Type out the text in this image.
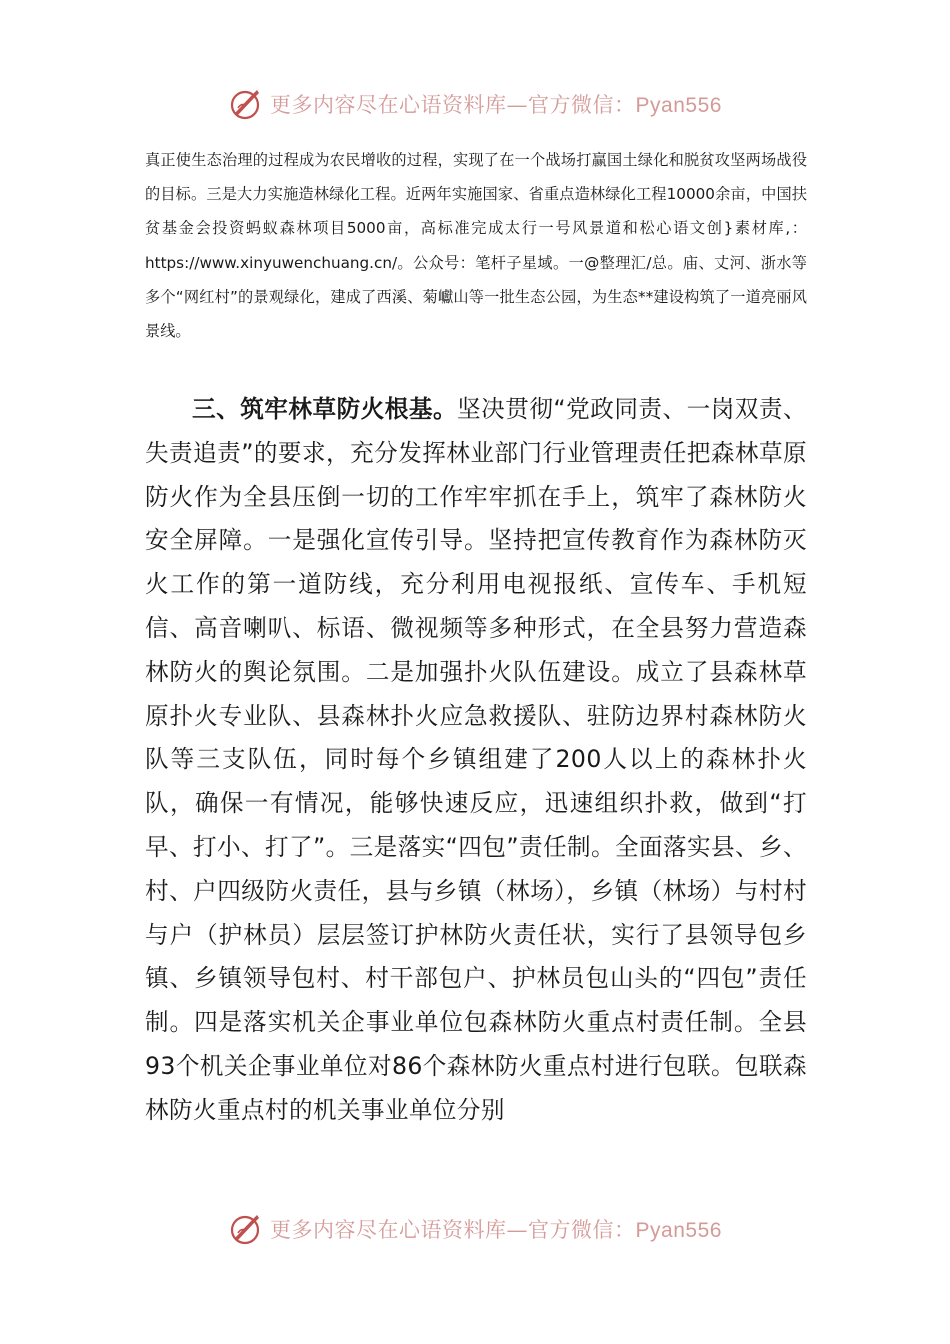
更多内容尽在心语资料库—官方微信：Pyan556

真正使生态治理的过程成为农民增收的过程，实现了在一个战场打赢国土绿化和脱贫攻坚两场战役的目标。三是大力实施造林绿化工程。近两年实施国家、省重点造林绿化工程10000余亩，中国扶贫基金会投资蚂蚁森林项目5000亩，高标准完成太行一号风景道和松心语文创}素材库,：https://www.xinyuwenchuang.cn/。公众号：笔杆子星域。一@整理汇/总。庙、丈河、浙水等多个“网红村”的景观绿化，建成了西溪、菊巘山等一批生态公园，为生态**建设构筑了一道亮丽风景线。

三、筑牢林草防火根基。坚决贯彻“党政同责、一岗双责、失责追责”的要求，充分发挥林业部门行业管理责任把森林草原防火作为全县压倒一切的工作牢牢抓在手上，筑牢了森林防火安全屏障。一是强化宣传引导。坚持把宣传教育作为森林防灭火工作的第一道防线，充分利用电视报纸、宣传车、手机短信、高音喇叭、标语、微视频等多种形式，在全县努力营造森林防火的舆论氛围。二是加强扑火队伍建设。成立了县森林草原扑火专业队、县森林扑火应急救援队、驻防边界村森林防火队等三支队伍，同时每个乡镇组建了200人以上的森林扑火队，确保一有情况，能够快速反应，迅速组织扑救，做到“打早、打小、打了”。三是落实“四包”责任制。全面落实县、乡、村、户四级防火责任，县与乡镇（林场），乡镇（林场）与村村与户（护林员）层层签订护林防火责任状，实行了县领导包乡镇、乡镇领导包村、村干部包户、护林员包山头的“四包”责任制。四是落实机关企事业单位包森林防火重点村责任制。全县93个机关企事业单位对86个森林防火重点村进行包联。包联森林防火重点村的机关事业单位分别

更多内容尽在心语资料库—官方微信：Pyan556
